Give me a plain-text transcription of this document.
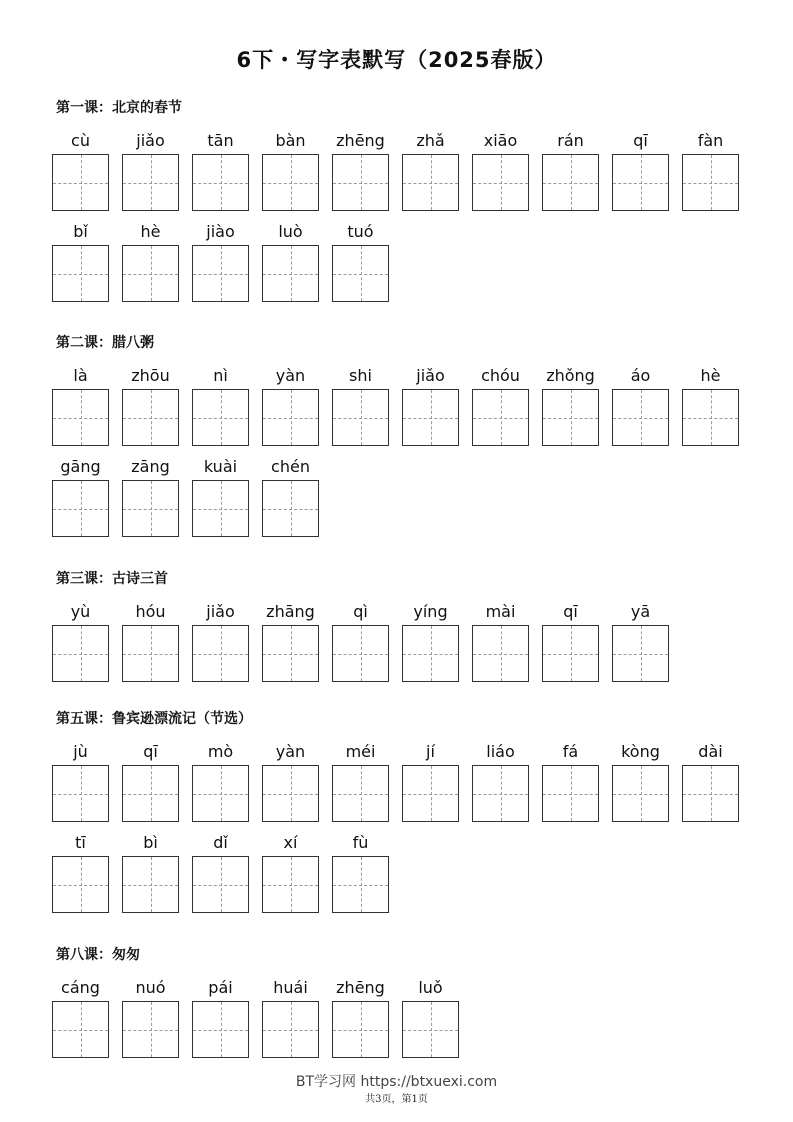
6下・写字表默写（2025春版）
第一课：北京的春节
cù	jiǎo	tān	bàn	zhēng	zhǎ	xiāo	rán	qī	fàn
bǐ	hè	jiào	luò	tuó
第二课：腊八粥
là	zhōu	nì	yàn	shi	jiǎo	chóu	zhǒng	áo	hè
gāng	zāng	kuài	chén
第三课：古诗三首
yù	hóu	jiǎo	zhāng	qì	yíng	mài	qī	yā
第五课：鲁宾逊漂流记（节选）
jù	qī	mò	yàn	méi	jí	liáo	fá	kòng	dài
tī	bì	dǐ	xí	fù
第八课：匆匆
cáng	nuó	pái	huái	zhēng	luǒ
BT学习网 https://btxuexi.com
共3页，第1页
